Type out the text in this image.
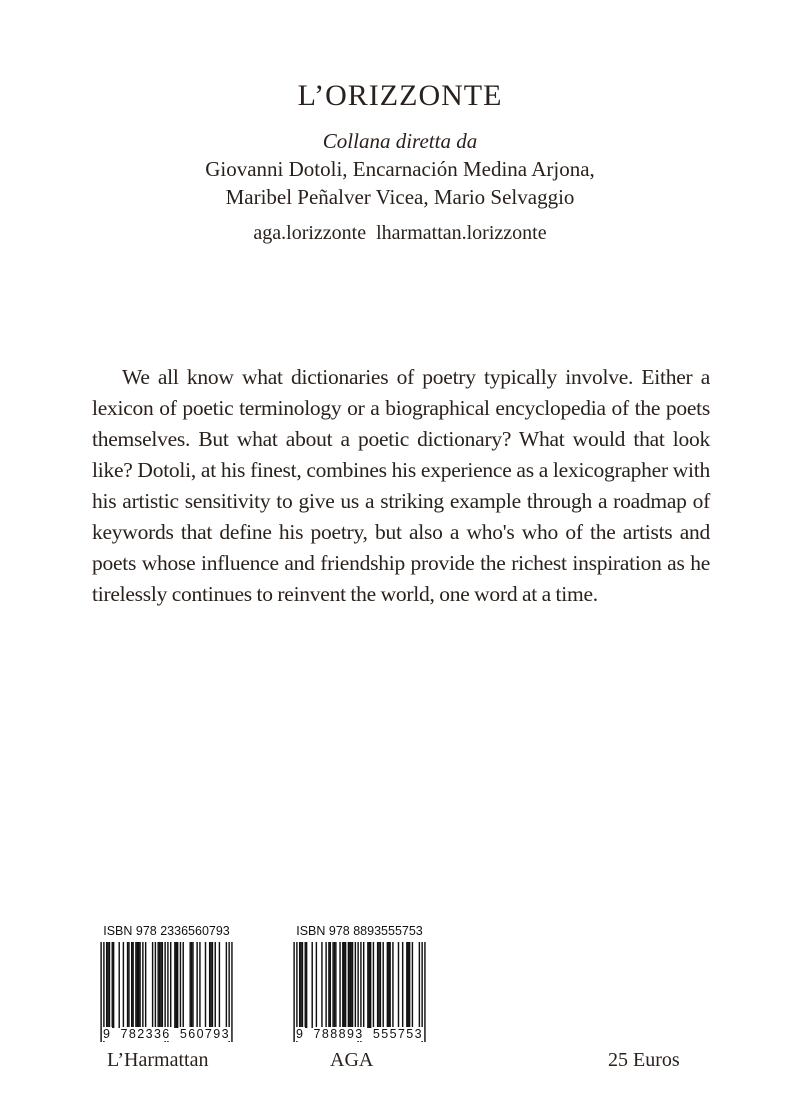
L’ORIZZONTE
Collana diretta da
Giovanni Dotoli, Encarnación Medina Arjona,
Maribel Peñalver Vicea, Mario Selvaggio
aga.lorizzonte  lharmattan.lorizzonte
We all know what dictionaries of poetry typically involve. Either a lexicon of poetic terminology or a biographical encyclopedia of the poets themselves. But what about a poetic dictionary? What would that look like? Dotoli, at his finest, combines his experience as a lexicographer with his artistic sensitivity to give us a striking example through a roadmap of keywords that define his poetry, but also a who's who of the artists and poets whose influence and friendship provide the richest inspiration as he tirelessly continues to reinvent the world, one word at a time.
ISBN 978 2336560793
9 782336 560793
ISBN 978 8893555753
9 788893 555753
L’Harmattan	AGA	25 Euros
